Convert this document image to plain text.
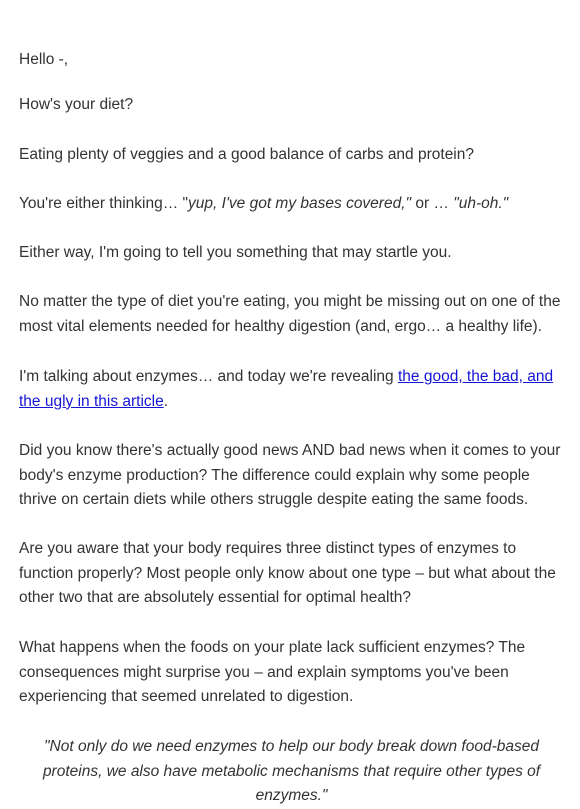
Hello -,

How's your diet?

Eating plenty of veggies and a good balance of carbs and protein?

You're either thinking… "yup, I've got my bases covered," or … "uh-oh."

Either way, I'm going to tell you something that may startle you.

No matter the type of diet you're eating, you might be missing out on one of the most vital elements needed for healthy digestion (and, ergo… a healthy life).

I'm talking about enzymes… and today we're revealing the good, the bad, and the ugly in this article.

Did you know there's actually good news AND bad news when it comes to your body's enzyme production? The difference could explain why some people thrive on certain diets while others struggle despite eating the same foods.

Are you aware that your body requires three distinct types of enzymes to function properly? Most people only know about one type – but what about the other two that are absolutely essential for optimal health?

What happens when the foods on your plate lack sufficient enzymes? The consequences might surprise you – and explain symptoms you've been experiencing that seemed unrelated to digestion.

"Not only do we need enzymes to help our body break down food-based proteins, we also have metabolic mechanisms that require other types of enzymes."
